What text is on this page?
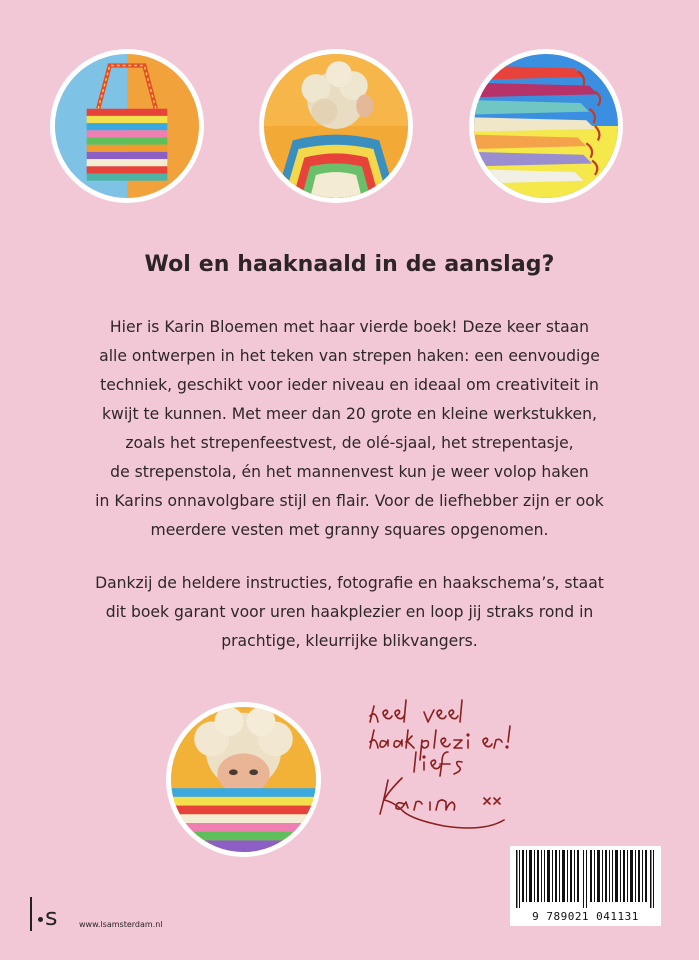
Wol en haaknaald in de aanslag?
Hier is Karin Bloemen met haar vierde boek! Deze keer staan
alle ontwerpen in het teken van strepen haken: een eenvoudige
techniek, geschikt voor ieder niveau en ideaal om creativiteit in
kwijt te kunnen. Met meer dan 20 grote en kleine werkstukken,
zoals het strepenfeestvest, de olé-sjaal, het strepentasje,
de strepenstola, én het mannenvest kun je weer volop haken
in Karins onnavolgbare stijl en flair. Voor de liefhebber zijn er ook
meerdere vesten met granny squares opgenomen.
Dankzij de heldere instructies, fotografie en haakschema’s, staat
dit boek garant voor uren haakplezier en loop jij straks rond in
prachtige, kleurrijke blikvangers.
9 789021 041131
s	www.lsamsterdam.nl
